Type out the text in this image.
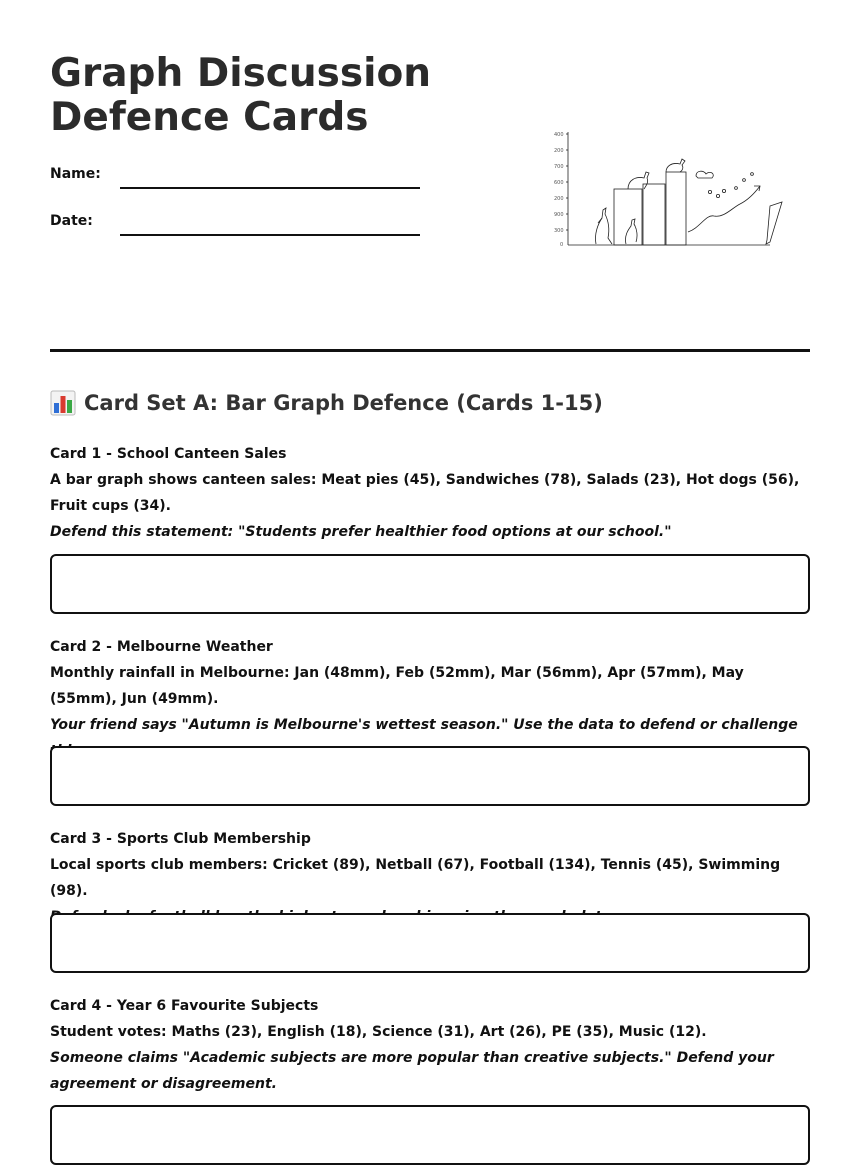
Graph Discussion
Defence Cards
Name:
Date:
400
200
700
600
200
900
300
0
Card Set A: Bar Graph Defence (Cards 1-15)
Card 1 - School Canteen Sales
A bar graph shows canteen sales: Meat pies (45), Sandwiches (78), Salads (23), Hot dogs (56), Fruit cups (34).
Defend this statement: "Students prefer healthier food options at our school."
Card 2 - Melbourne Weather
Monthly rainfall in Melbourne: Jan (48mm), Feb (52mm), Mar (56mm), Apr (57mm), May (55mm), Jun (49mm).
Your friend says "Autumn is Melbourne's wettest season." Use the data to defend or challenge
Card 3 - Sports Club Membership
Local sports club members: Cricket (89), Netball (67), Football (134), Tennis (45), Swimming (98).
Card 4 - Year 6 Favourite Subjects
Student votes: Maths (23), English (18), Science (31), Art (26), PE (35), Music (12).
Someone claims "Academic subjects are more popular than creative subjects." Defend your agreement or disagreement.
